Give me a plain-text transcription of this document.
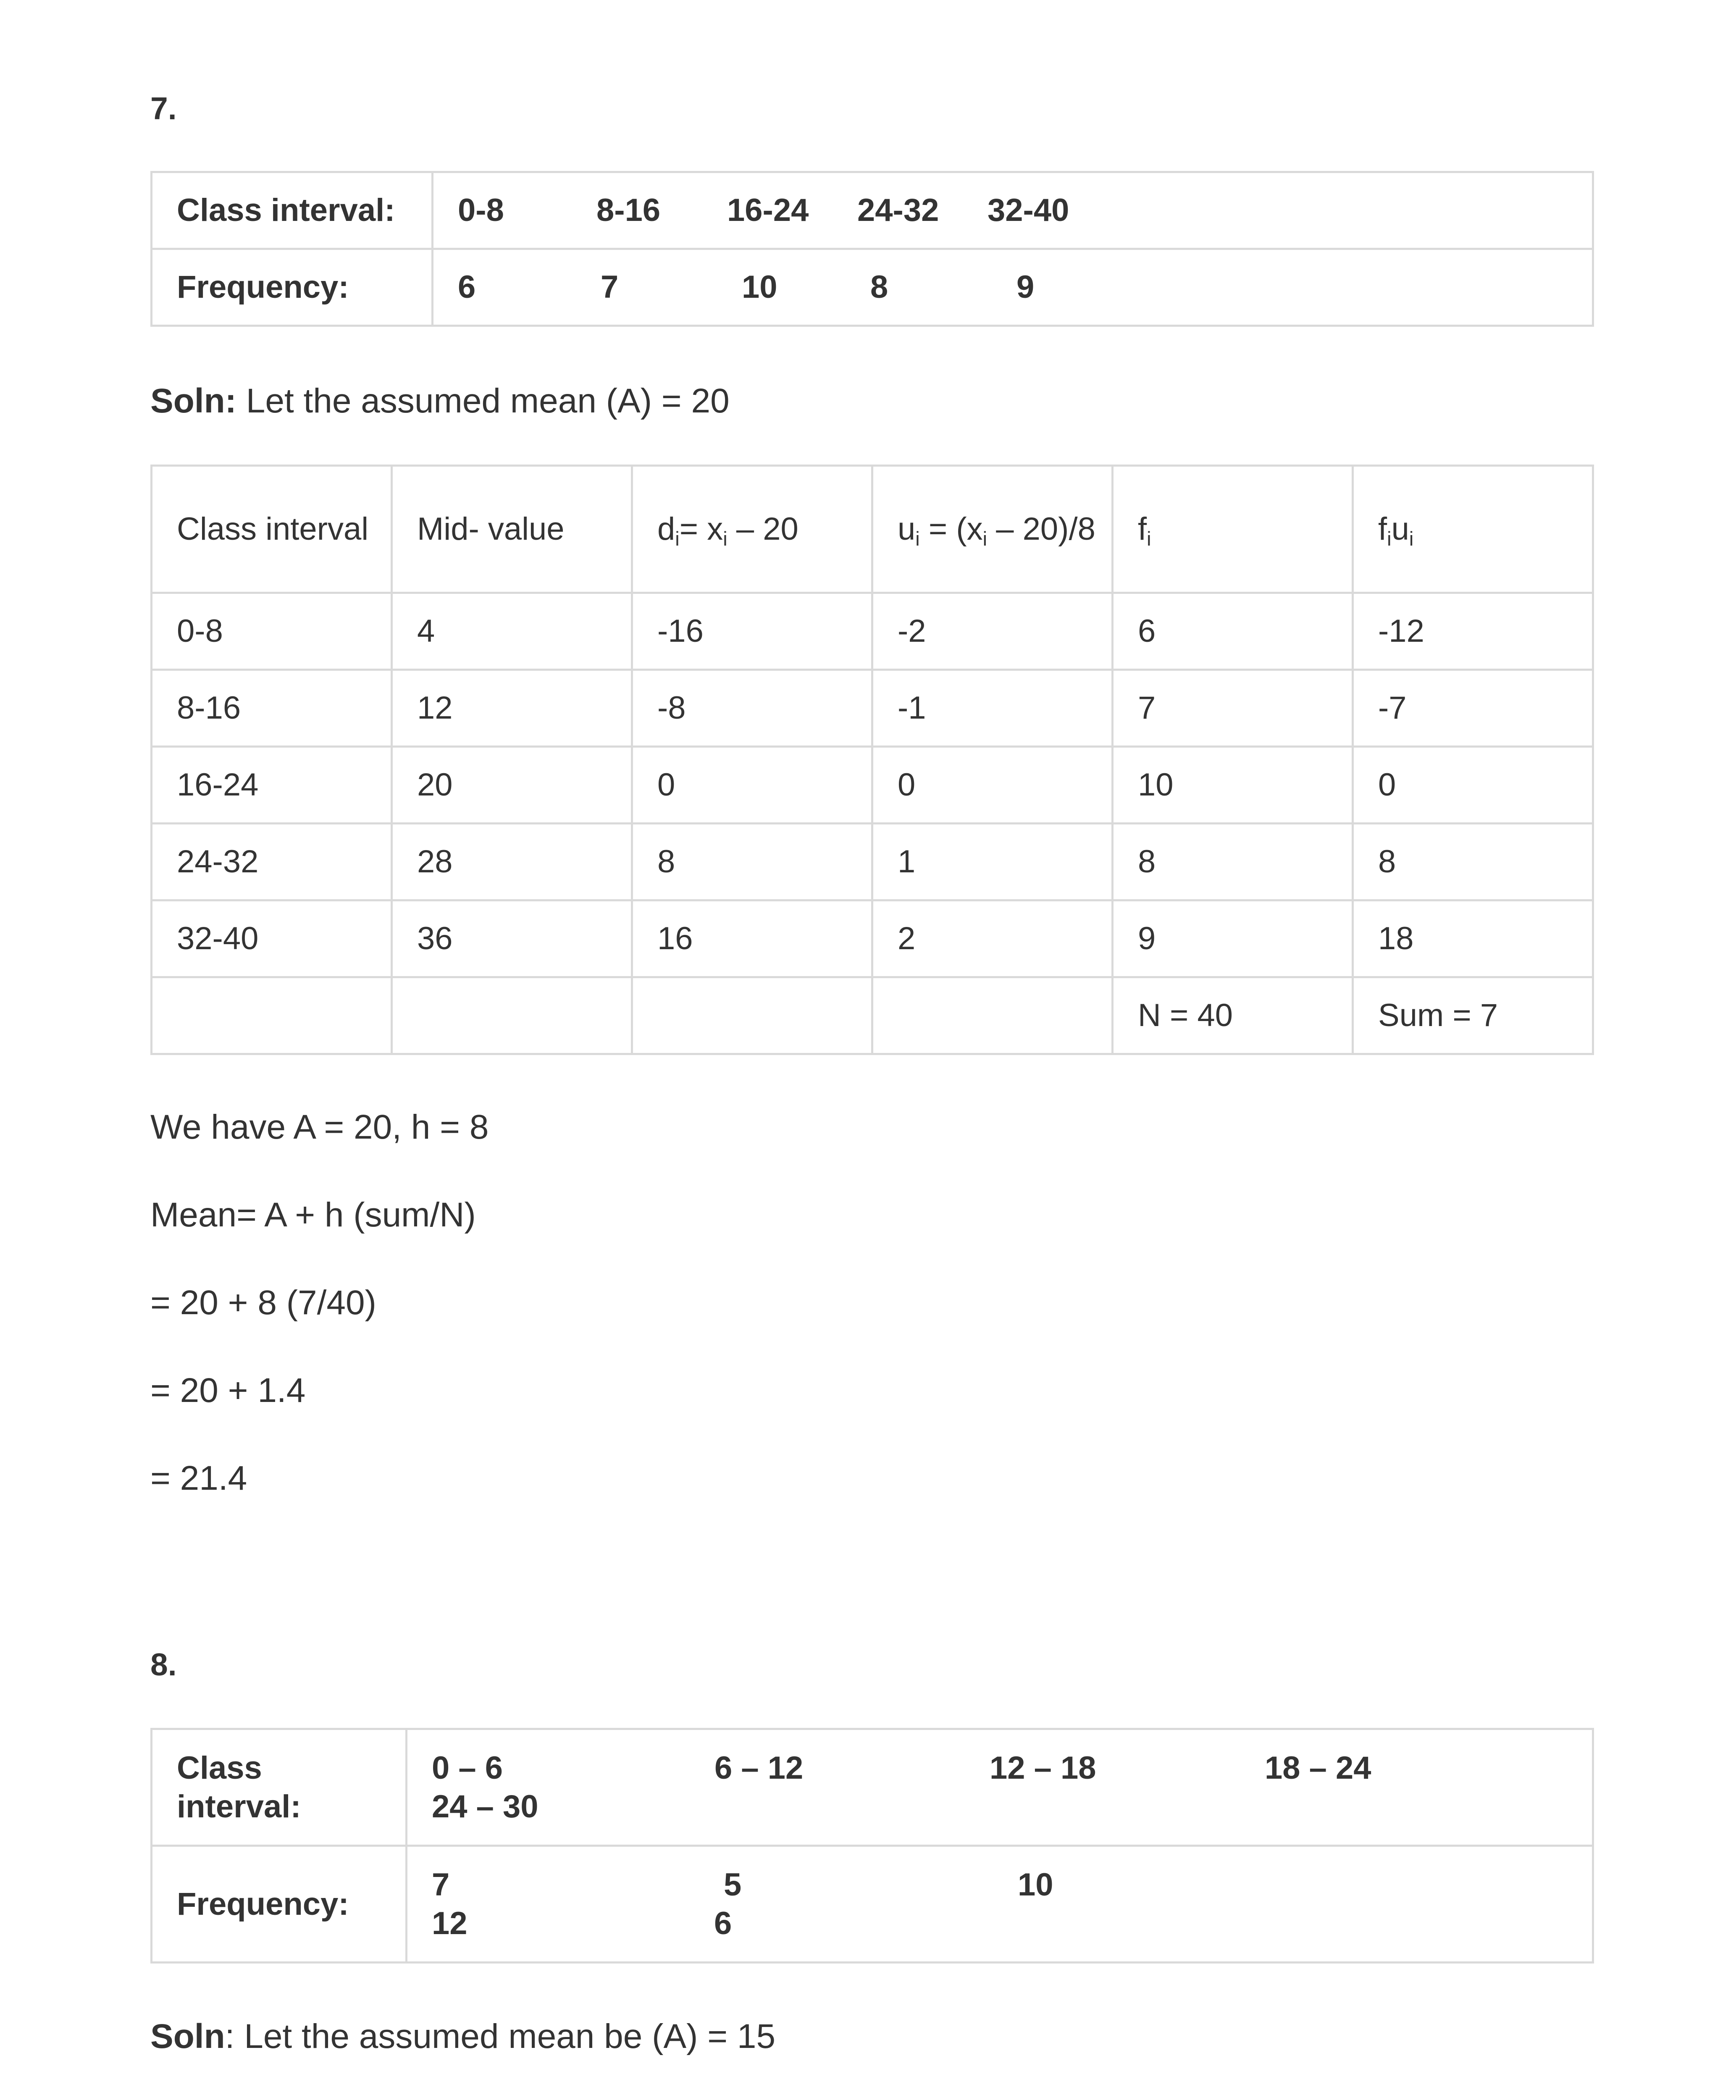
7.
Class interval:	0-8 8-16 16-24 24-32 32-40
Frequency:	6 7 10 8 9
Soln: Let the assumed mean (A) = 20
Class interval	Mid- value	$d_i= x_i - 20$	$u_i = (x_i - 20)/8$	$f_i$	$f_iu_i$
0-8	4	-16	-2	6	-12
8-16	12	-8	-1	7	-7
16-24	20	0	0	10	0
24-32	28	8	1	8	8
32-40	36	16	2	9	18
				N = 40	Sum = 7
We have A = 20, h = 8
Mean= A + h (sum/N)
= 20 + 8 (7/40)
= 20 + 1.4
= 21.4
8.
Class interval:	0 – 6 6 – 12 12 – 18 18 – 24
24 – 30

Frequency:	7 5 10
12 6
Soln: Let the assumed mean be (A) = 15
